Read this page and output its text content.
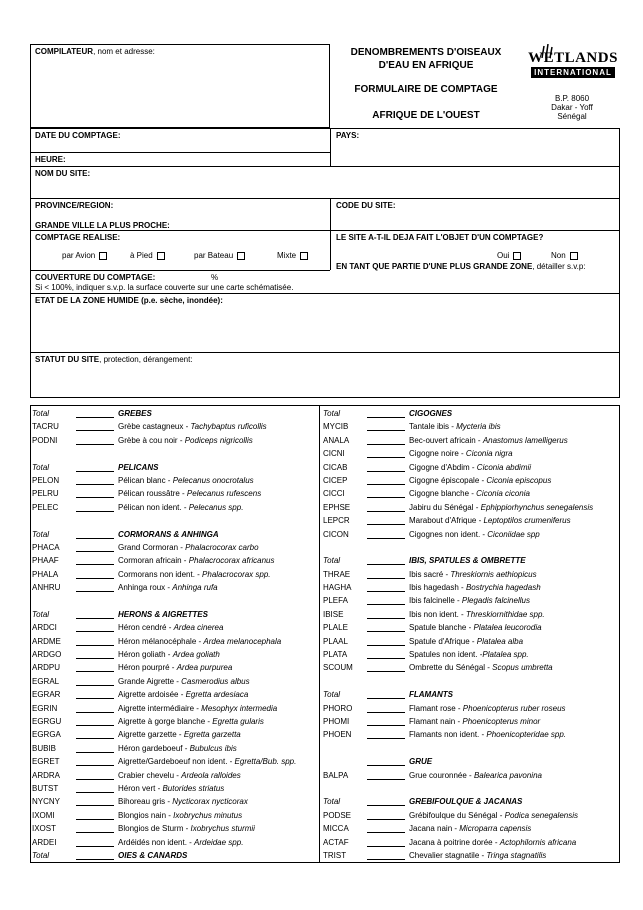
COMPILATEUR, nom et adresse:	DENOMBREMENTS D'OISEAUX
D'EAU EN AFRIQUE
FORMULAIRE DE COMPTAGE
AFRIQUE DE L'OUEST
WETLANDS
INTERNATIONAL
B.P. 8060
Dakar - Yoff
Sénégal
DATE DU COMPTAGE:	PAYS:
HEURE:
NOM DU SITE:
PROVINCE/REGION:	CODE DU SITE:
GRANDE VILLE LA PLUS PROCHE:
COMPTAGE REALISE:
par Avion	à Pied	par Bateau	Mixte
LE SITE A-T-IL DEJA FAIT L'OBJET D'UN COMPTAGE?
Oui	Non
EN TANT QUE PARTIE D'UNE PLUS GRANDE ZONE, détailler s.v.p:
COUVERTURE DU COMPTAGE:	%
Si < 100%, indiquer s.v.p. la surface couverte sur une carte schématisée.
ETAT DE LA ZONE HUMIDE (p.e. sèche, inondée):
STATUT DU SITE, protection, dérangement:
Total	GREBES
TACRU	Grèbe castagneux - Tachybaptus ruficollis
PODNI	Grèbe à cou noir - Podiceps nigricollis
Total	PELICANS
PELON	Pélican blanc - Pelecanus onocrotalus
PELRU	Pélican roussâtre - Pelecanus rufescens
PELEC	Pélican non ident. - Pelecanus spp.
Total	CORMORANS & ANHINGA
PHACA	Grand Cormoran - Phalacrocorax carbo
PHAAF	Cormoran africain - Phalacrocorax africanus
PHALA	Cormorans non ident. - Phalacrocorax spp.
ANHRU	Anhinga roux - Anhinga rufa
Total	HERONS & AIGRETTES
ARDCI	Héron cendré - Ardea cinerea
ARDME	Héron mélanocéphale - Ardea melanocephala
ARDGO	Héron goliath - Ardea goliath
ARDPU	Héron pourpré - Ardea purpurea
EGRAL	Grande Aigrette - Casmerodius albus
EGRAR	Aigrette ardoisée - Egretta ardesiaca
EGRIN	Aigrette intermédiaire - Mesophyx intermedia
EGRGU	Aigrette à gorge blanche - Egretta gularis
EGRGA	Aigrette garzette - Egretta garzetta
BUBIB	Héron gardeboeuf - Bubulcus ibis
EGRET	Aigrette/Gardeboeuf non ident. - Egretta/Bub. spp.
ARDRA	Crabier chevelu - Ardeola ralloides
BUTST	Héron vert - Butorides striatus
NYCNY	Bihoreau gris - Nycticorax nycticorax
IXOMI	Blongios nain - Ixobrychus minutus
IXOST	Blongios de Sturm - Ixobrychus sturmii
ARDEI	Ardéidés non ident. - Ardeidae spp.
Total	OIES & CANARDS
Total	CIGOGNES
MYCIB	Tantale ibis - Mycteria ibis
ANALA	Bec-ouvert africain - Anastomus lamelligerus
CICNI	Cigogne noire - Ciconia nigra
CICAB	Cigogne d'Abdim - Ciconia abdimii
CICEP	Cigogne épiscopale - Ciconia episcopus
CICCI	Cigogne blanche - Ciconia ciconia
EPHSE	Jabiru du Sénégal - Ephippiorhynchus senegalensis
LEPCR	Marabout d'Afrique - Leptoptilos crumeniferus
CICON	Cigognes non ident. - Ciconiidae spp
Total	IBIS, SPATULES & OMBRETTE
THRAE	Ibis sacré - Threskiornis aethiopicus
HAGHA	Ibis hagedash - Bostrychia hagedash
PLEFA	Ibis falcinelle - Plegadis falcinellus
IBISE	Ibis non ident. - Threskiornithidae spp.
PLALE	Spatule blanche - Platalea leucorodia
PLAAL	Spatule d'Afrique - Platalea alba
PLATA	Spatules non ident. -Platalea spp.
SCOUM	Ombrette du Sénégal - Scopus umbretta
Total	FLAMANTS
PHORO	Flamant rose - Phoenicopterus ruber roseus
PHOMI	Flamant nain - Phoenicopterus minor
PHOEN	Flamants non ident. - Phoenicopteridae spp.
GRUE
BALPA	Grue couronnée - Balearica pavonina
Total	GREBIFOULQUE & JACANAS
PODSE	Grébifoulque du Sénégal - Podica senegalensis
MICCA	Jacana nain - Microparra capensis
ACTAF	Jacana à poitrine dorée - Actophilornis africana
TRIST	Chevalier stagnatile - Tringa stagnatilis
